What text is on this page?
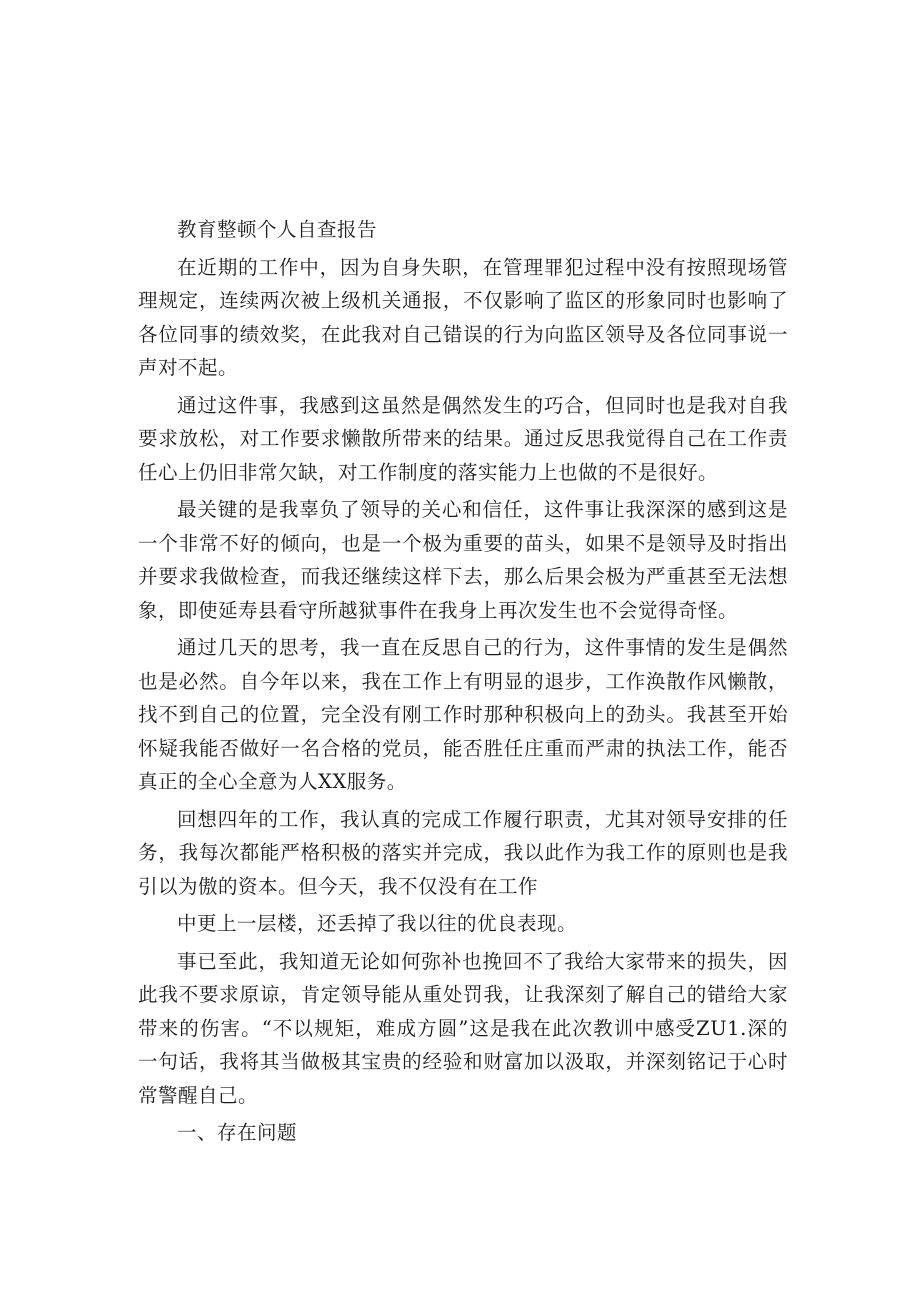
教育整顿个人自查报告

在近期的工作中，因为自身失职，在管理罪犯过程中没有按照现场管理规定，连续两次被上级机关通报，不仅影响了监区的形象同时也影响了各位同事的绩效奖，在此我对自己错误的行为向监区领导及各位同事说一声对不起。

通过这件事，我感到这虽然是偶然发生的巧合，但同时也是我对自我要求放松，对工作要求懒散所带来的结果。通过反思我觉得自己在工作责任心上仍旧非常欠缺，对工作制度的落实能力上也做的不是很好。

最关键的是我辜负了领导的关心和信任，这件事让我深深的感到这是一个非常不好的倾向，也是一个极为重要的苗头，如果不是领导及时指出并要求我做检查，而我还继续这样下去，那么后果会极为严重甚至无法想象，即使延寿县看守所越狱事件在我身上再次发生也不会觉得奇怪。

通过几天的思考，我一直在反思自己的行为，这件事情的发生是偶然也是必然。自今年以来，我在工作上有明显的退步，工作涣散作风懒散，找不到自己的位置，完全没有刚工作时那种积极向上的劲头。我甚至开始怀疑我能否做好一名合格的党员，能否胜任庄重而严肃的执法工作，能否真正的全心全意为人XX服务。

回想四年的工作，我认真的完成工作履行职责，尤其对领导安排的任务，我每次都能严格积极的落实并完成，我以此作为我工作的原则也是我引以为傲的资本。但今天，我不仅没有在工作

中更上一层楼，还丢掉了我以往的优良表现。

事已至此，我知道无论如何弥补也挽回不了我给大家带来的损失，因此我不要求原谅，肯定领导能从重处罚我，让我深刻了解自己的错给大家带来的伤害。“不以规矩，难成方圆”这是我在此次教训中感受ZU1.深的一句话，我将其当做极其宝贵的经验和财富加以汲取，并深刻铭记于心时常警醒自己。

一、存在问题
